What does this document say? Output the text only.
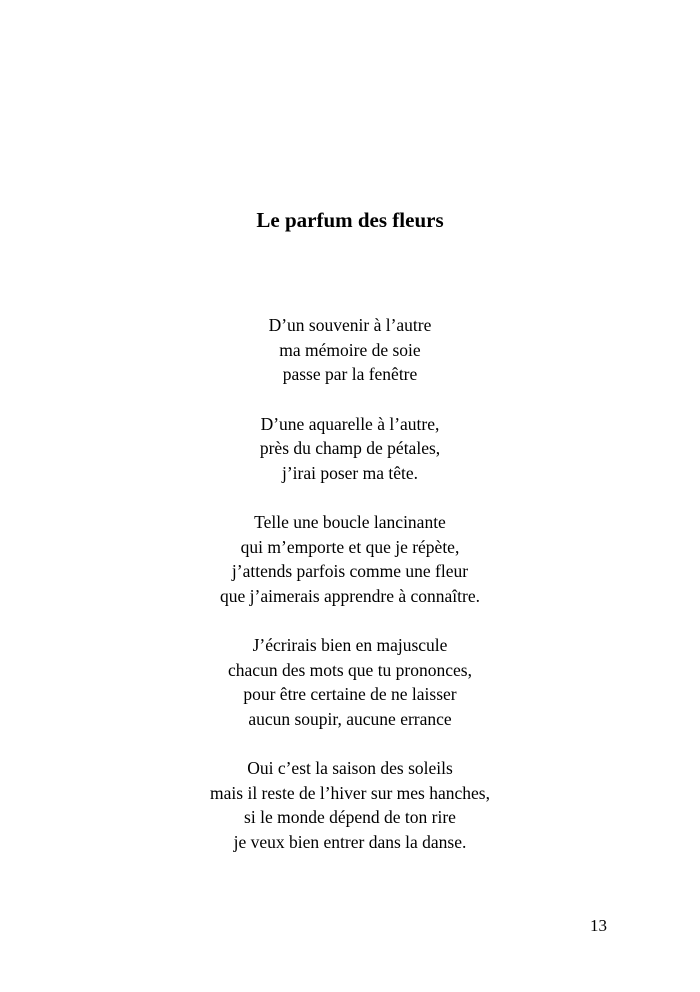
Le parfum des fleurs
D’un souvenir à l’autre
ma mémoire de soie
passe par la fenêtre
D’une aquarelle à l’autre,
près du champ de pétales,
j’irai poser ma tête.
Telle une boucle lancinante
qui m’emporte et que je répète,
j’attends parfois comme une fleur
que j’aimerais apprendre à connaître.
J’écrirais bien en majuscule
chacun des mots que tu prononces,
pour être certaine de ne laisser
aucun soupir, aucune errance
Oui c’est la saison des soleils
mais il reste de l’hiver sur mes hanches,
si le monde dépend de ton rire
je veux bien entrer dans la danse.
13
